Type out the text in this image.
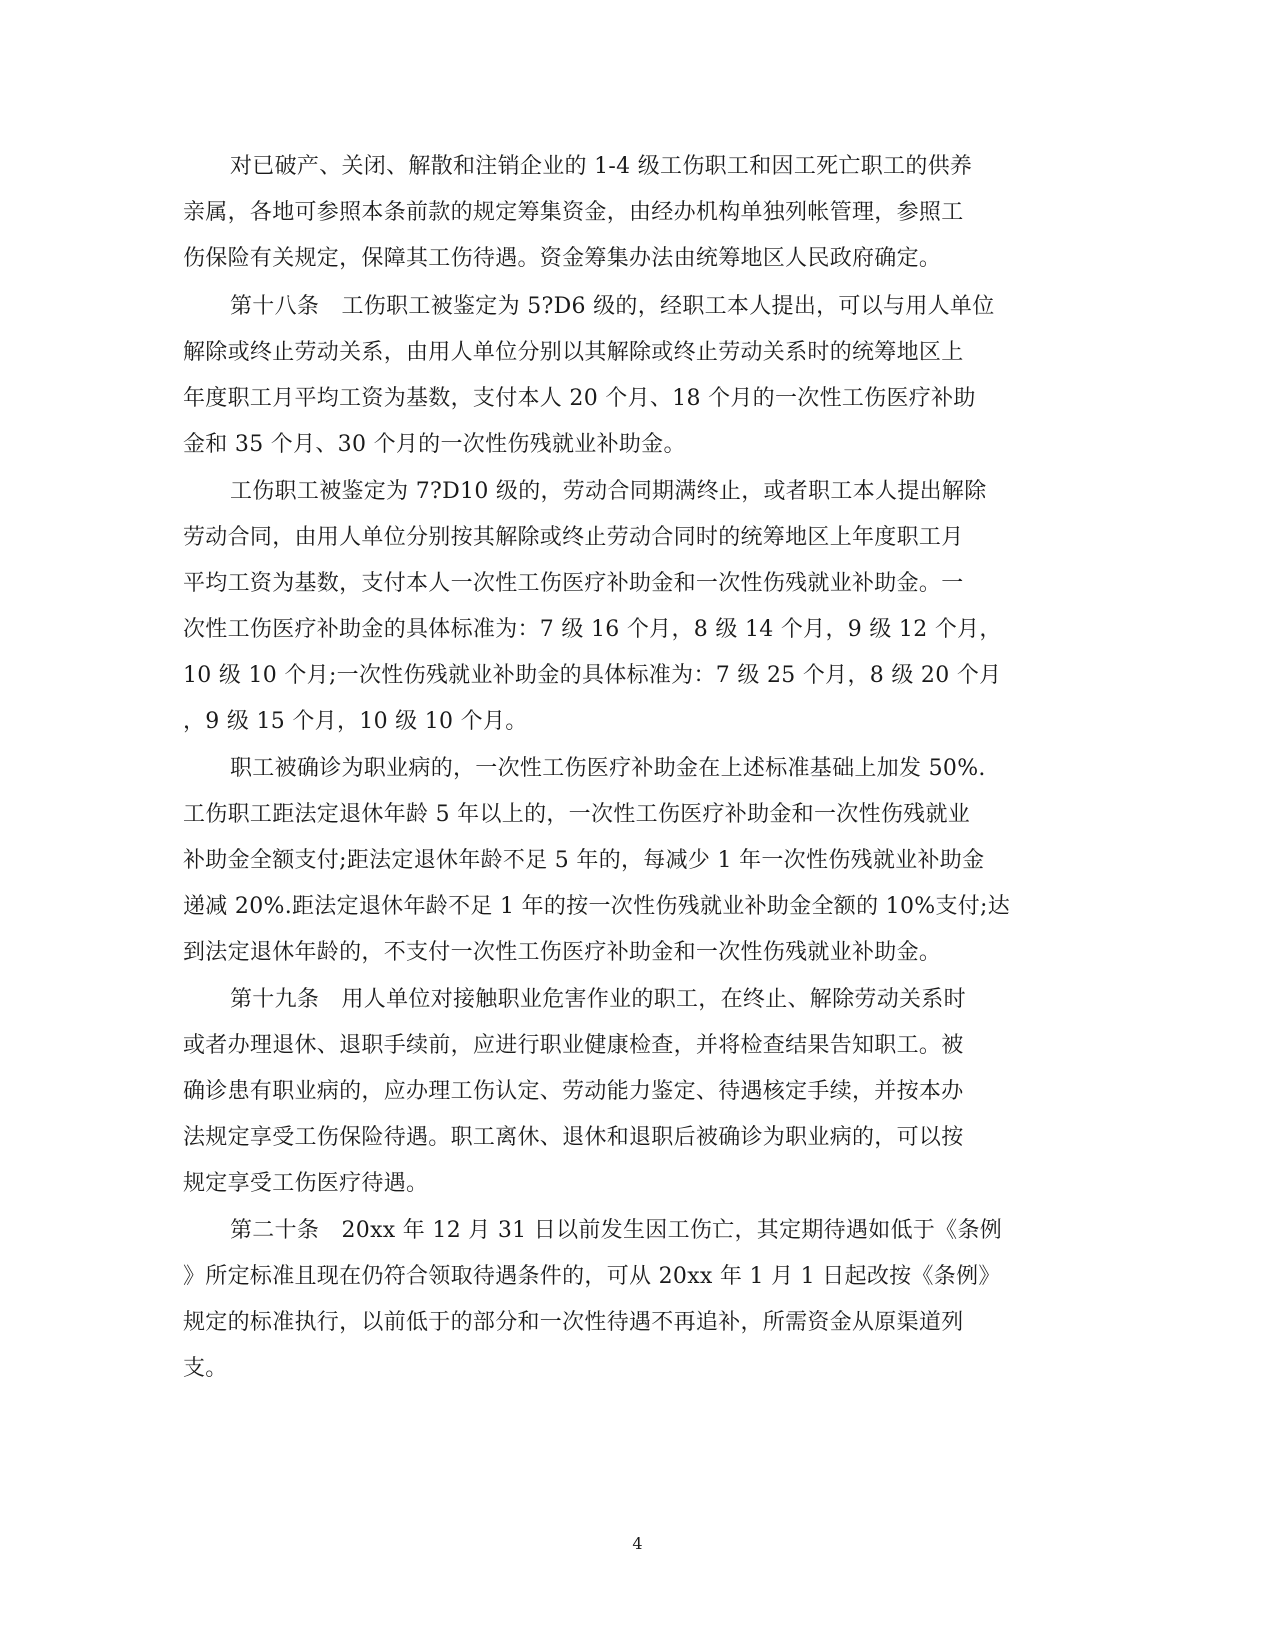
对已破产、关闭、解散和注销企业的 1-4 级工伤职工和因工死亡职工的供养
亲属，各地可参照本条前款的规定筹集资金，由经办机构单独列帐管理，参照工
伤保险有关规定，保障其工伤待遇。资金筹集办法由统筹地区人民政府确定。
第十八条　工伤职工被鉴定为 5?D6 级的，经职工本人提出，可以与用人单位
解除或终止劳动关系，由用人单位分别以其解除或终止劳动关系时的统筹地区上
年度职工月平均工资为基数，支付本人 20 个月、18 个月的一次性工伤医疗补助
金和 35 个月、30 个月的一次性伤残就业补助金。
工伤职工被鉴定为 7?D10 级的，劳动合同期满终止，或者职工本人提出解除
劳动合同，由用人单位分别按其解除或终止劳动合同时的统筹地区上年度职工月
平均工资为基数，支付本人一次性工伤医疗补助金和一次性伤残就业补助金。一
次性工伤医疗补助金的具体标准为：7 级 16 个月，8 级 14 个月，9 级 12 个月，
10 级 10 个月;一次性伤残就业补助金的具体标准为：7 级 25 个月，8 级 20 个月
，9 级 15 个月，10 级 10 个月。
职工被确诊为职业病的，一次性工伤医疗补助金在上述标准基础上加发 50%.
工伤职工距法定退休年龄 5 年以上的，一次性工伤医疗补助金和一次性伤残就业
补助金全额支付;距法定退休年龄不足 5 年的，每减少 1 年一次性伤残就业补助金
递减 20%.距法定退休年龄不足 1 年的按一次性伤残就业补助金全额的 10%支付;达
到法定退休年龄的，不支付一次性工伤医疗补助金和一次性伤残就业补助金。
第十九条　用人单位对接触职业危害作业的职工，在终止、解除劳动关系时
或者办理退休、退职手续前，应进行职业健康检查，并将检查结果告知职工。被
确诊患有职业病的，应办理工伤认定、劳动能力鉴定、待遇核定手续，并按本办
法规定享受工伤保险待遇。职工离休、退休和退职后被确诊为职业病的，可以按
规定享受工伤医疗待遇。
第二十条　20xx 年 12 月 31 日以前发生因工伤亡，其定期待遇如低于《条例
》所定标准且现在仍符合领取待遇条件的，可从 20xx 年 1 月 1 日起改按《条例》
规定的标准执行，以前低于的部分和一次性待遇不再追补，所需资金从原渠道列
支。
4
